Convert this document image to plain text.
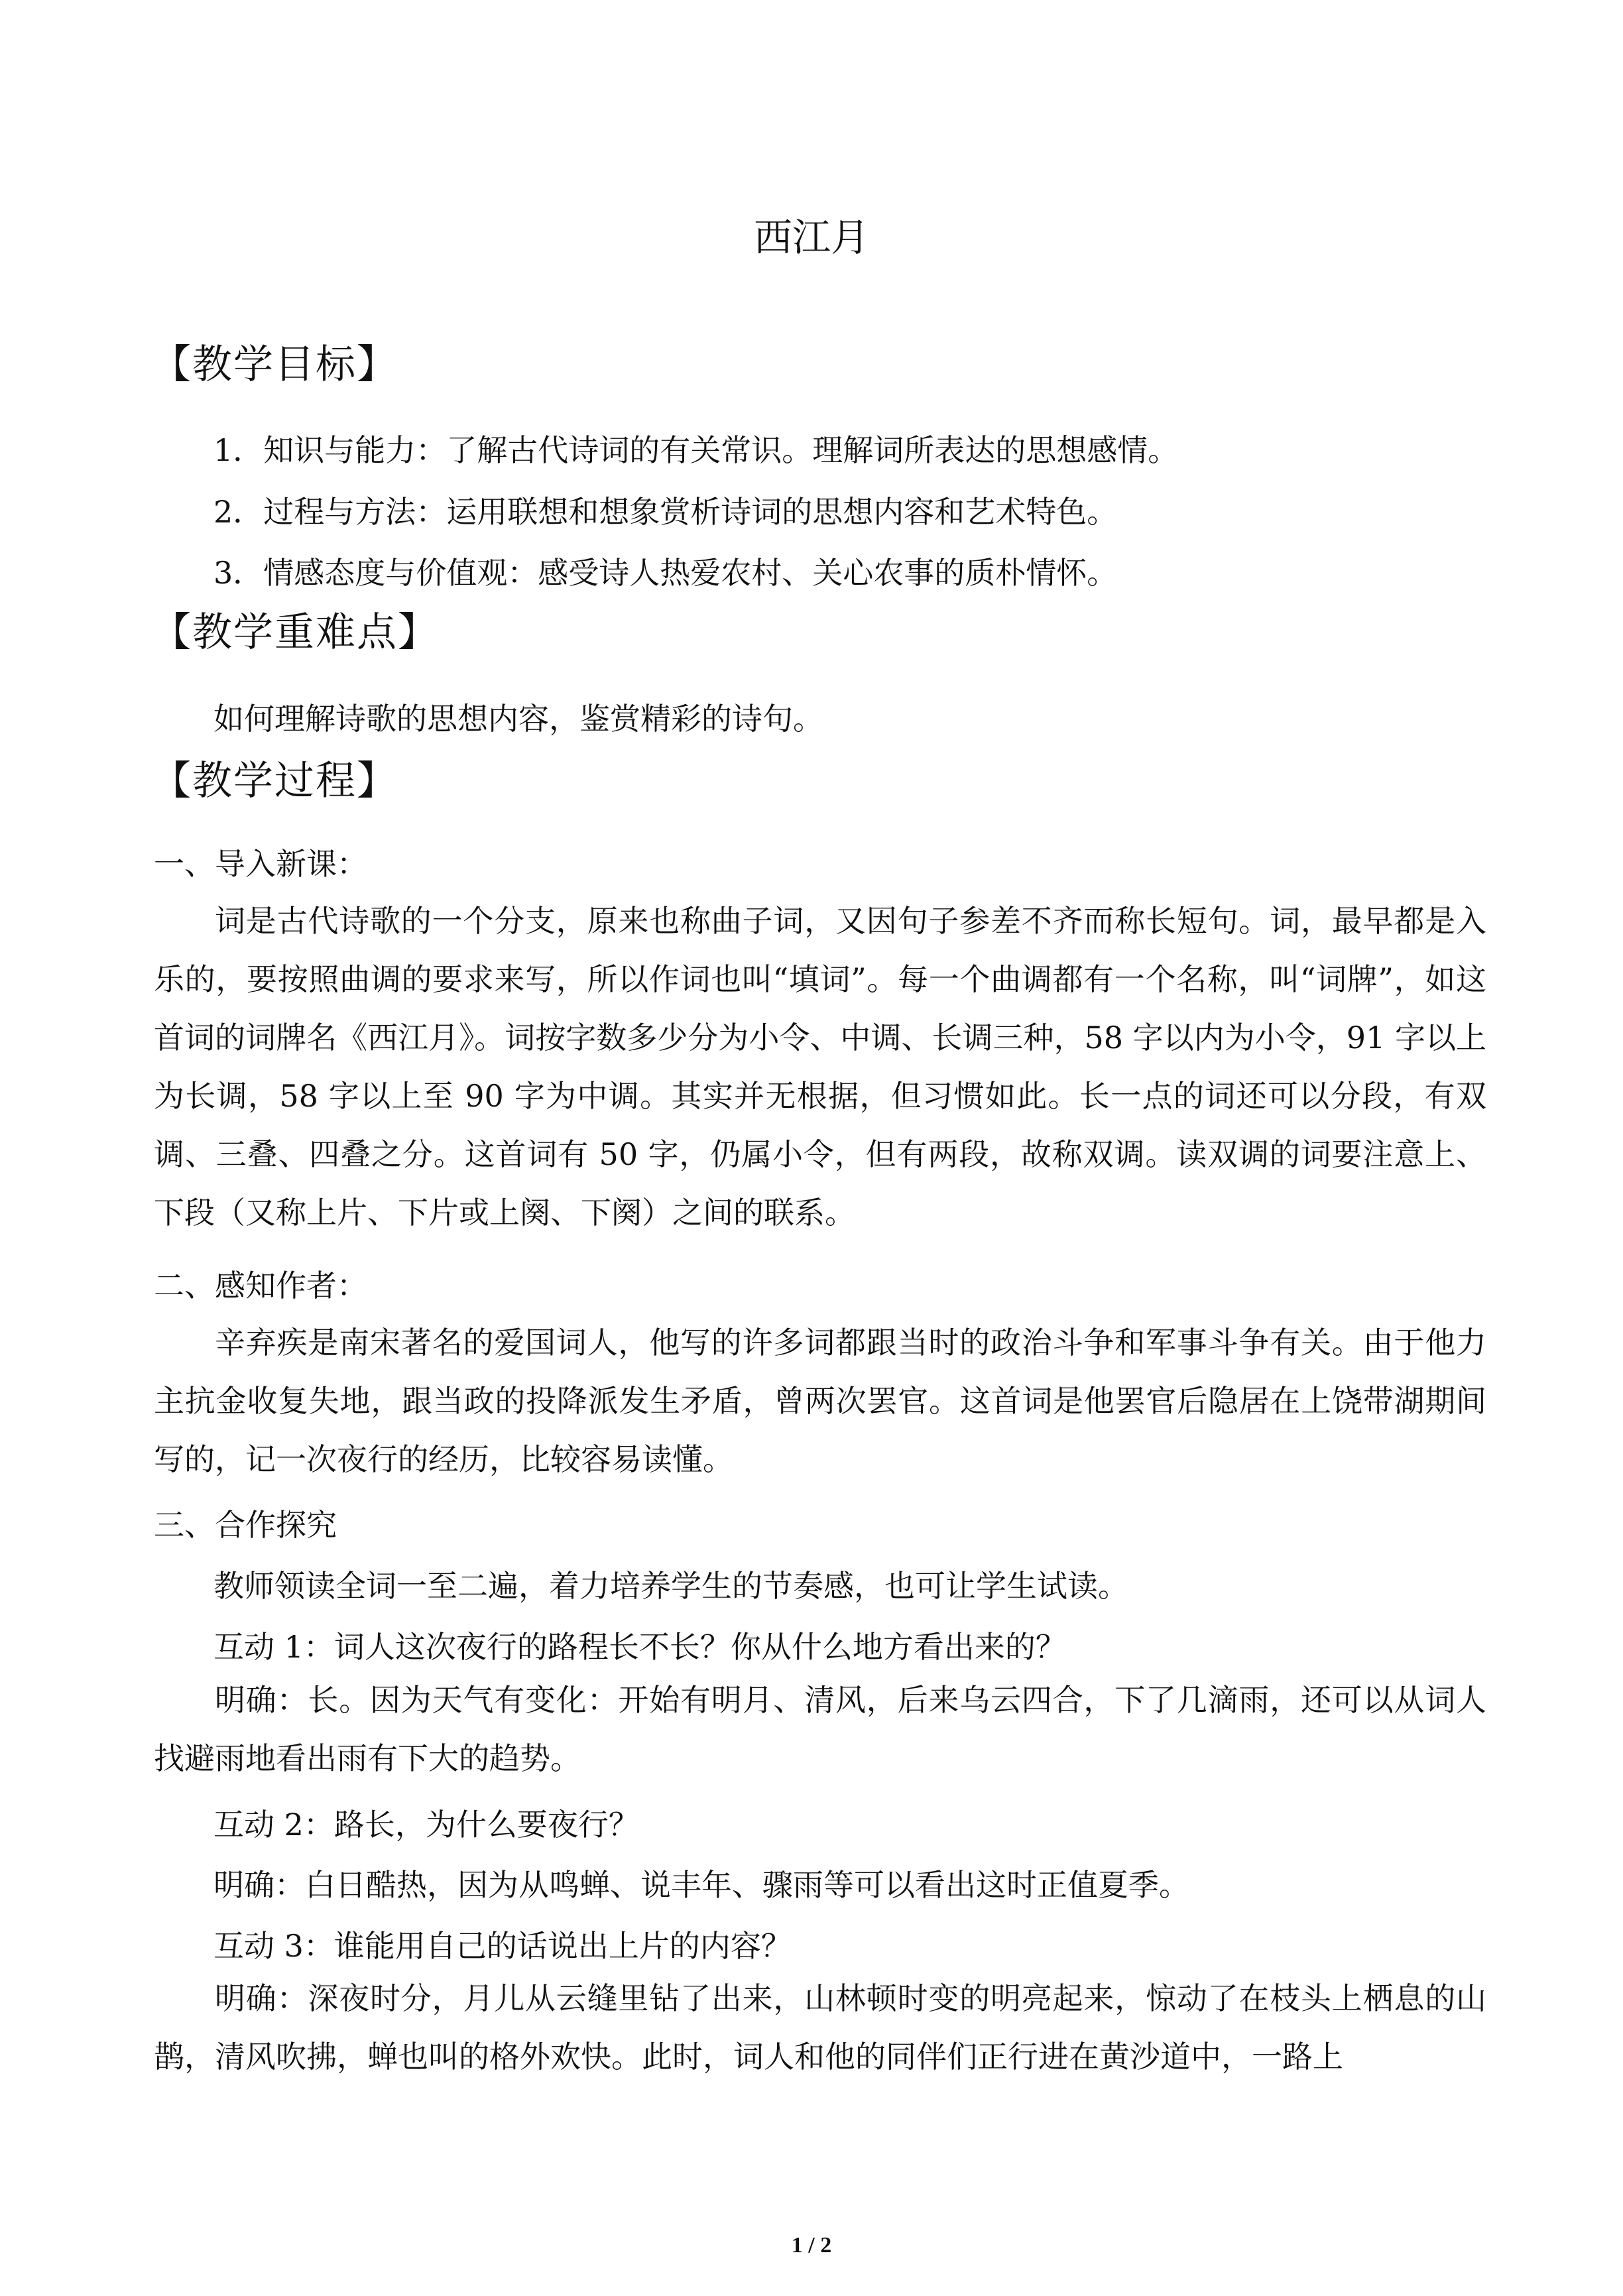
西江月
【教学目标】
1．知识与能力：了解古代诗词的有关常识。理解词所表达的思想感情。
2．过程与方法：运用联想和想象赏析诗词的思想内容和艺术特色。
3．情感态度与价值观：感受诗人热爱农村、关心农事的质朴情怀。
【教学重难点】
如何理解诗歌的思想内容，鉴赏精彩的诗句。
【教学过程】
一、导入新课：
词是古代诗歌的一个分支，原来也称曲子词，又因句子参差不齐而称长短句。词，最早都是入乐的，要按照曲调的要求来写，所以作词也叫“填词”。每一个曲调都有一个名称，叫“词牌”，如这首词的词牌名《西江月》。词按字数多少分为小令、中调、长调三种，58 字以内为小令，91 字以上为长调，58 字以上至 90 字为中调。其实并无根据，但习惯如此。长一点的词还可以分段，有双调、三叠、四叠之分。这首词有 50 字，仍属小令，但有两段，故称双调。读双调的词要注意上、下段（又称上片、下片或上阕、下阕）之间的联系。
二、感知作者：
辛弃疾是南宋著名的爱国词人，他写的许多词都跟当时的政治斗争和军事斗争有关。由于他力主抗金收复失地，跟当政的投降派发生矛盾，曾两次罢官。这首词是他罢官后隐居在上饶带湖期间写的，记一次夜行的经历，比较容易读懂。
三、合作探究
教师领读全词一至二遍，着力培养学生的节奏感，也可让学生试读。
互动 1：词人这次夜行的路程长不长？你从什么地方看出来的？
明确：长。因为天气有变化：开始有明月、清风，后来乌云四合，下了几滴雨，还可以从词人找避雨地看出雨有下大的趋势。
互动 2：路长，为什么要夜行？
明确：白日酷热，因为从鸣蝉、说丰年、骤雨等可以看出这时正值夏季。
互动 3：谁能用自己的话说出上片的内容？
明确：深夜时分，月儿从云缝里钻了出来，山林顿时变的明亮起来，惊动了在枝头上栖息的山鹊，清风吹拂，蝉也叫的格外欢快。此时，词人和他的同伴们正行进在黄沙道中，一路上
1 / 2
